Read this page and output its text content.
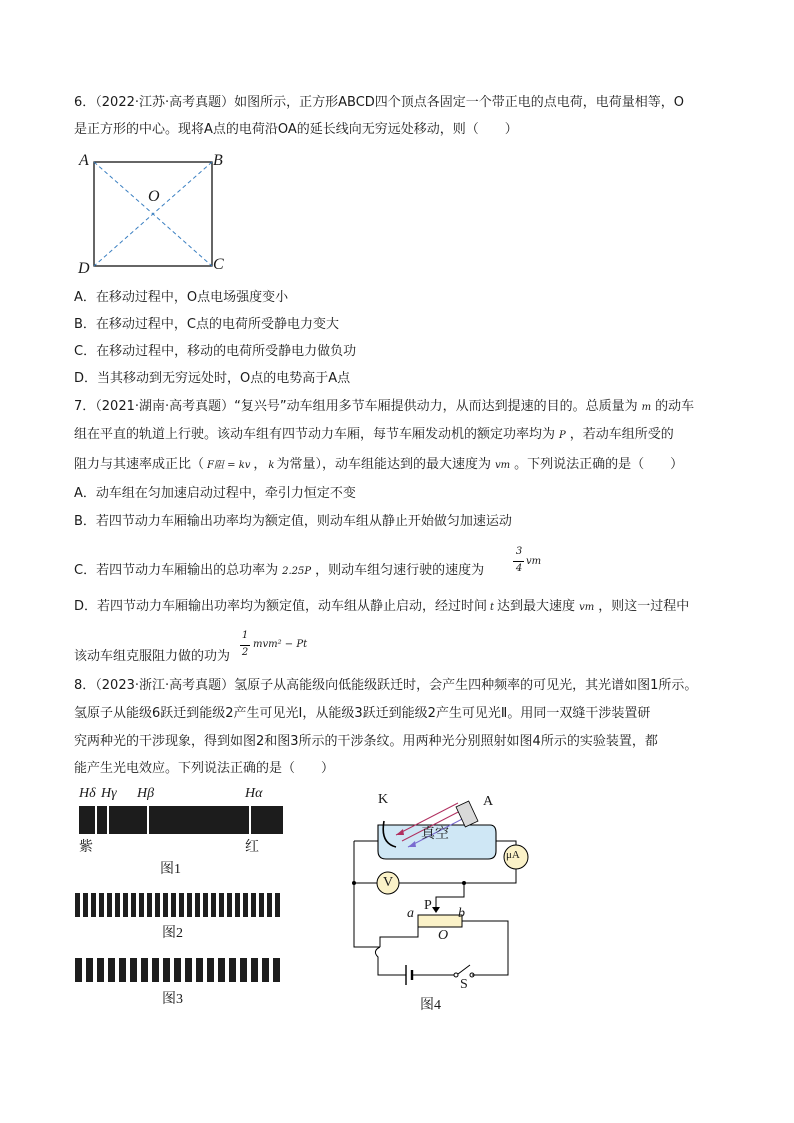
6．（2022·江苏·高考真题）如图所示，正方形ABCD四个顶点各固定一个带正电的点电荷，电荷量相等，O
是正方形的中心。现将A点的电荷沿OA的延长线向无穷远处移动，则（　　）
A	B
C
D
O
A．在移动过程中，O点电场强度变小
B．在移动过程中，C点的电荷所受静电力变大
C．在移动过程中，移动的电荷所受静电力做负功
D．当其移动到无穷远处时，O点的电势高于A点
7．（2021·湖南·高考真题）“复兴号”动车组用多节车厢提供动力，从而达到提速的目的。总质量为 m 的动车
组在平直的轨道上行驶。该动车组有四节动力车厢，每节车厢发动机的额定功率均为 P ，若动车组所受的
阻力与其速率成正比（ F阻 = kv ， k 为常量），动车组能达到的最大速度为 vm 。下列说法正确的是（　　）
A．动车组在匀加速启动过程中，牵引力恒定不变
B．若四节动力车厢输出功率均为额定值，则动车组从静止开始做匀加速运动
C．若四节动力车厢输出的总功率为 2.25P ，则动车组匀速行驶的速度为
3
4
vm
D．若四节动力车厢输出功率均为额定值，动车组从静止启动，经过时间 t 达到最大速度 vm ，则这一过程中
该动车组克服阻力做的功为
1
2
mvm² − Pt
8．（2023·浙江·高考真题）氢原子从高能级向低能级跃迁时，会产生四种频率的可见光，其光谱如图1所示。
氢原子从能级6跃迁到能级2产生可见光Ⅰ，从能级3跃迁到能级2产生可见光Ⅱ。用同一双缝干涉装置研
究两种光的干涉现象，得到如图2和图3所示的干涉条纹。用两种光分别照射如图4所示的实验装置，都
能产生光电效应。下列说法正确的是（　　）
Hδ Hγ Hβ	Hα
紫	红
图1
图2
图3
K	A
真空
μA
V
P
a	b
O
S
图4
